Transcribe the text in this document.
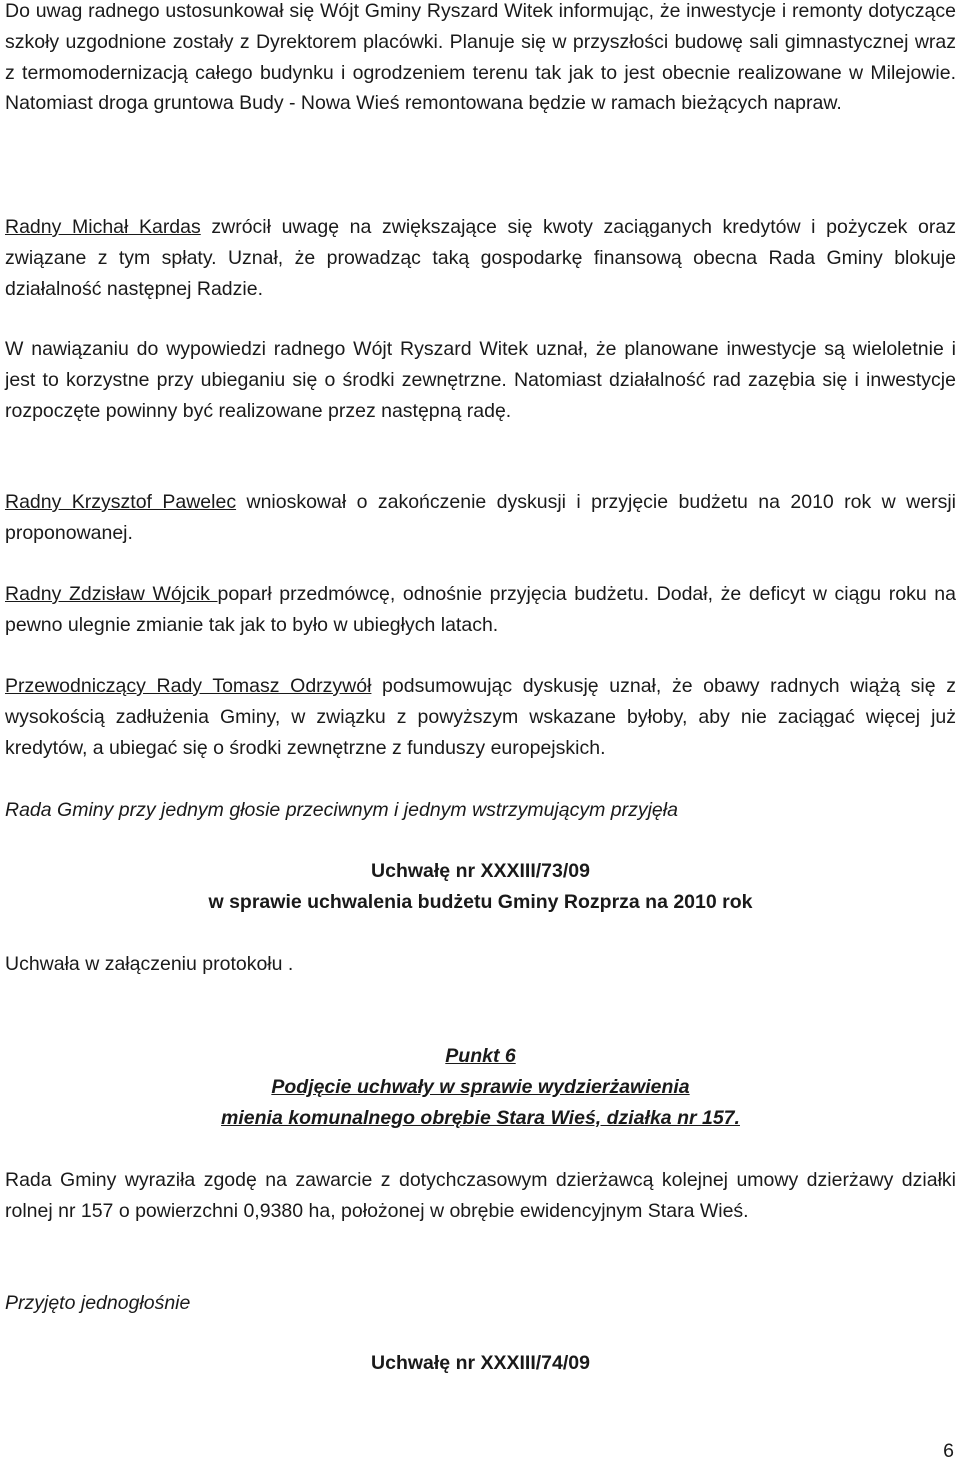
Do uwag radnego ustosunkował się Wójt Gminy Ryszard Witek informując, że inwestycje i remonty dotyczące szkoły uzgodnione zostały z Dyrektorem placówki. Planuje się w przyszłości budowę sali gimnastycznej wraz z termomodernizacją całego budynku i ogrodzeniem terenu tak jak to jest obecnie realizowane w Milejowie. Natomiast droga gruntowa Budy - Nowa Wieś remontowana będzie w ramach bieżących napraw.

Radny Michał Kardas zwrócił uwagę na zwiększające się kwoty zaciąganych kredytów i pożyczek oraz związane z tym spłaty. Uznał, że prowadząc taką gospodarkę finansową obecna Rada Gminy blokuje działalność następnej Radzie.

W nawiązaniu do wypowiedzi radnego Wójt Ryszard Witek uznał, że planowane inwestycje są wieloletnie i jest to korzystne przy ubieganiu się o środki zewnętrzne. Natomiast działalność rad zazębia się i inwestycje rozpoczęte powinny być realizowane przez następną radę.

Radny Krzysztof Pawelec wnioskował o zakończenie dyskusji i przyjęcie budżetu na 2010 rok w wersji proponowanej.

Radny Zdzisław Wójcik poparł przedmówcę, odnośnie przyjęcia budżetu. Dodał, że deficyt w ciągu roku na pewno ulegnie zmianie tak jak to było w ubiegłych latach.

Przewodniczący Rady Tomasz Odrzywół podsumowując dyskusję uznał, że obawy radnych wiążą się z wysokością zadłużenia Gminy, w związku z powyższym wskazane byłoby, aby nie zaciągać więcej już kredytów, a ubiegać się o środki zewnętrzne z funduszy europejskich.

Rada Gminy przy jednym głosie przeciwnym i jednym wstrzymującym przyjęła

Uchwałę nr XXXIII/73/09

w sprawie uchwalenia budżetu Gminy Rozprza na 2010 rok

Uchwała w załączeniu protokołu .

Punkt 6

Podjęcie uchwały w sprawie wydzierżawienia

mienia komunalnego obrębie Stara Wieś, działka nr 157.

Rada Gminy wyraziła zgodę na zawarcie z dotychczasowym dzierżawcą kolejnej umowy dzierżawy działki rolnej nr 157 o powierzchni 0,9380 ha, położonej w obrębie ewidencyjnym Stara Wieś.

Przyjęto jednogłośnie

Uchwałę nr XXXIII/74/09

6
